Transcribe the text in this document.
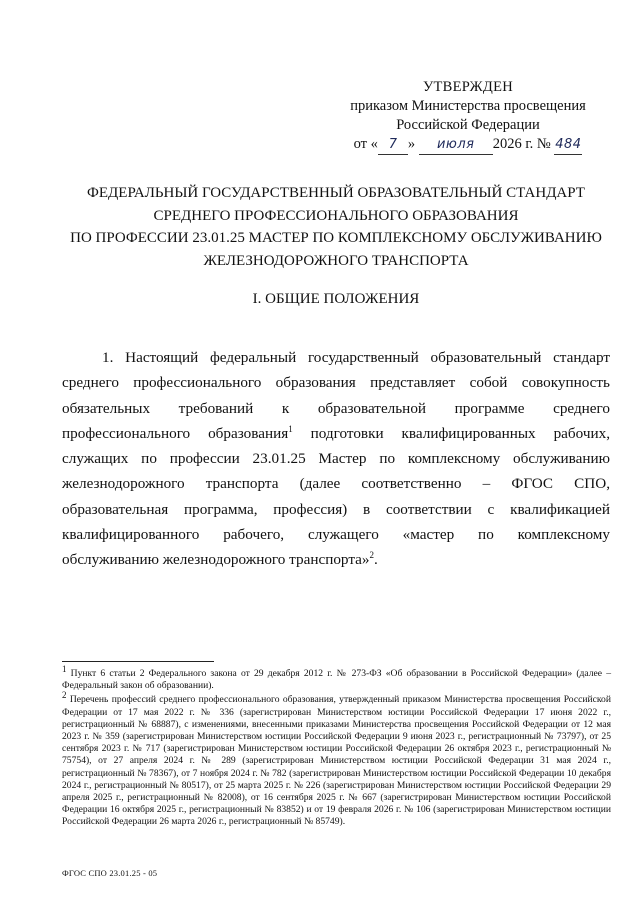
УТВЕРЖДЕН
приказом Министерства просвещения
Российской Федерации
от « 7 » июля 2026 г. № 484
ФЕДЕРАЛЬНЫЙ ГОСУДАРСТВЕННЫЙ ОБРАЗОВАТЕЛЬНЫЙ СТАНДАРТ
СРЕДНЕГО ПРОФЕССИОНАЛЬНОГО ОБРАЗОВАНИЯ
ПО ПРОФЕССИИ 23.01.25 МАСТЕР ПО КОМПЛЕКСНОМУ ОБСЛУЖИВАНИЮ
ЖЕЛЕЗНОДОРОЖНОГО ТРАНСПОРТА
I. ОБЩИЕ ПОЛОЖЕНИЯ
1. Настоящий федеральный государственный образовательный стандарт среднего профессионального образования представляет собой совокупность обязательных требований к образовательной программе среднего профессионального образования$^1$ подготовки квалифицированных рабочих, служащих по профессии 23.01.25 Мастер по комплексному обслуживанию железнодорожного транспорта (далее соответственно – ФГОС СПО, образовательная программа, профессия) в соответствии с квалификацией квалифицированного рабочего, служащего «мастер по комплексному обслуживанию железнодорожного транспорта»$^2$.

$^1$ Пункт 6 статьи 2 Федерального закона от 29 декабря 2012 г. № 273-ФЗ «Об образовании в Российской Федерации» (далее – Федеральный закон об образовании).

$^2$ Перечень профессий среднего профессионального образования, утвержденный приказом Министерства просвещения Российской Федерации от 17 мая 2022 г. № 336 (зарегистрирован Министерством юстиции Российской Федерации 17 июня 2022 г., регистрационный № 68887), с изменениями, внесенными приказами Министерства просвещения Российской Федерации от 12 мая 2023 г. № 359 (зарегистрирован Министерством юстиции Российской Федерации 9 июня 2023 г., регистрационный № 73797), от 25 сентября 2023 г. № 717 (зарегистрирован Министерством юстиции Российской Федерации 26 октября 2023 г., регистрационный № 75754), от 27 апреля 2024 г. № 289 (зарегистрирован Министерством юстиции Российской Федерации 31 мая 2024 г., регистрационный № 78367), от 7 ноября 2024 г. № 782 (зарегистрирован Министерством юстиции Российской Федерации 10 декабря 2024 г., регистрационный № 80517), от 25 марта 2025 г. № 226 (зарегистрирован Министерством юстиции Российской Федерации 29 апреля 2025 г., регистрационный № 82008), от 16 сентября 2025 г. № 667 (зарегистрирован Министерством юстиции Российской Федерации 16 октября 2025 г., регистрационный № 83852) и от 19 февраля 2026 г. № 106 (зарегистрирован Министерством юстиции Российской Федерации 26 марта 2026 г., регистрационный № 85749).

ФГОС СПО 23.01.25 - 05
